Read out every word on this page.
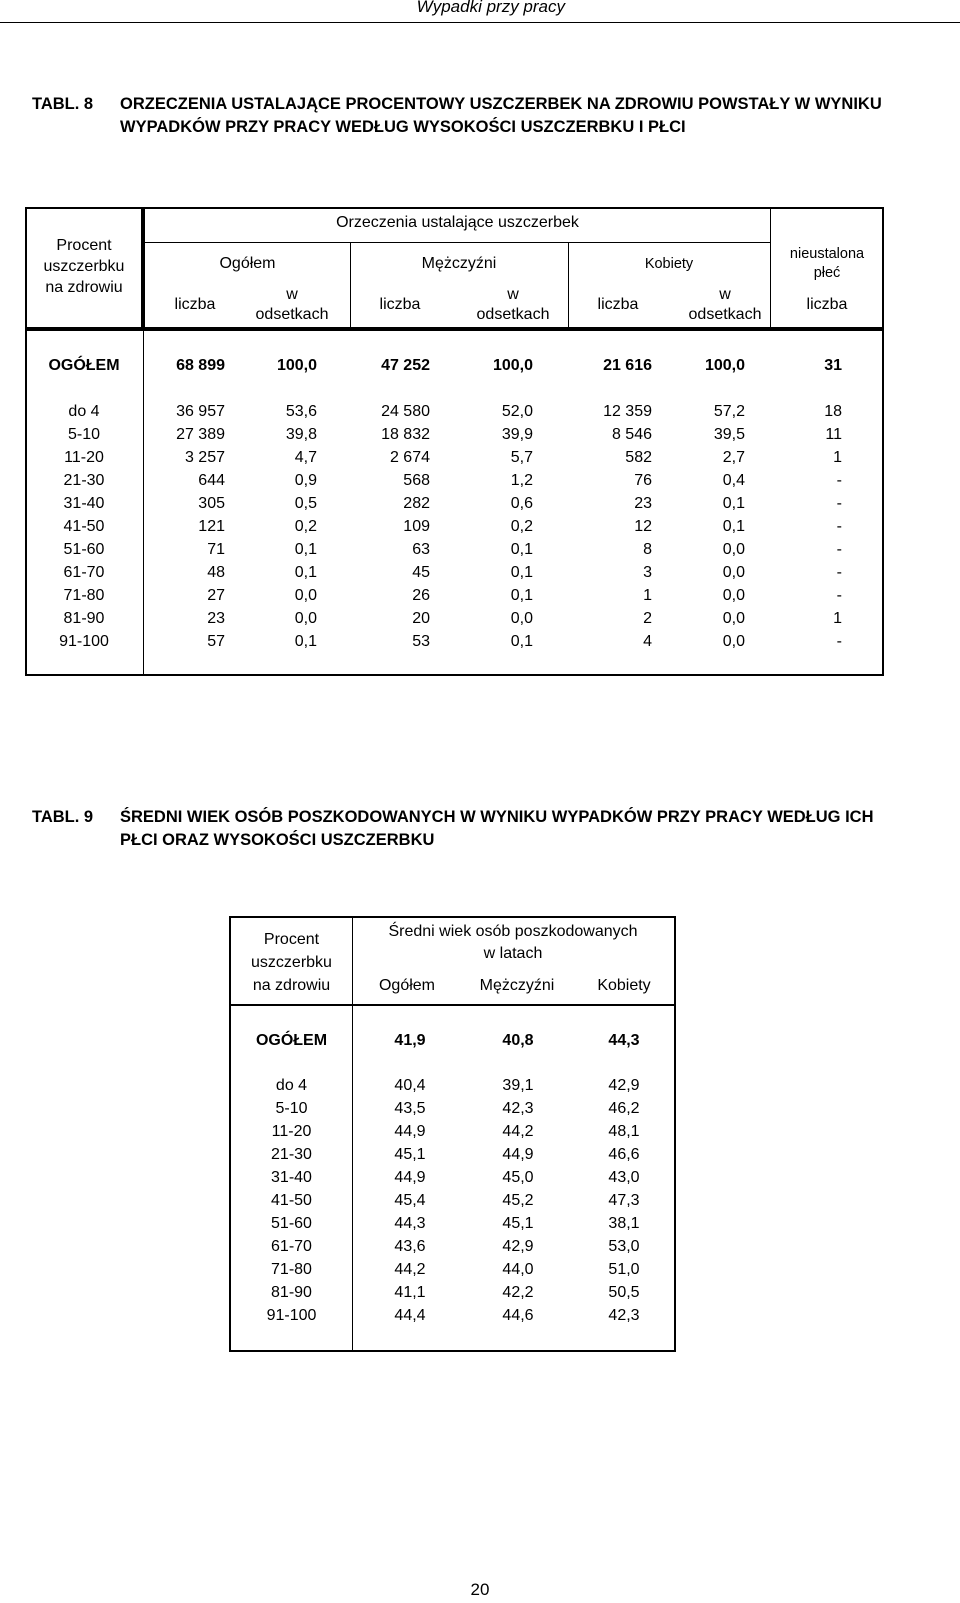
Wypadki przy pracy
TABL. 8 ORZECZENIA USTALAJĄCE PROCENTOWY USZCZERBEK NA ZDROWIU POWSTAŁY W WYNIKU WYPADKÓW PRZY PRACY WEDŁUG WYSOKOŚCI USZCZERBKU I PŁCI
Procent
uszczerbku
na zdrowiu
Orzeczenia ustalające uszczerbek
Ogółem	Mężczyźni	Kobiety
liczba
w
odsetkach
liczba
w
odsetkach
liczba
w
odsetkach
nieustalona
płeć
liczba
OGÓŁEM	68 899	100,0	47 252	100,0	21 616	100,0	31
do 4	36 957	53,6	24 580	52,0	12 359	57,2	18
5-10	27 389	39,8	18 832	39,9	8 546	39,5	11
11-20	3 257	4,7	2 674	5,7	582	2,7	1
21-30	644	0,9	568	1,2	76	0,4	-
31-40	305	0,5	282	0,6	23	0,1	-
41-50	121	0,2	109	0,2	12	0,1	-
51-60	71	0,1	63	0,1	8	0,0	-
61-70	48	0,1	45	0,1	3	0,0	-
71-80	27	0,0	26	0,1	1	0,0	-
81-90	23	0,0	20	0,0	2	0,0	1
91-100	57	0,1	53	0,1	4	0,0	-
TABL. 9 ŚREDNI WIEK OSÓB POSZKODOWANYCH W WYNIKU WYPADKÓW PRZY PRACY WEDŁUG ICH PŁCI ORAZ WYSOKOŚCI USZCZERBKU
Procent
uszczerbku
na zdrowiu
Średni wiek osób poszkodowanych
w latach
Ogółem	Mężczyźni	Kobiety
OGÓŁEM	41,9	40,8	44,3
do 4	40,4	39,1	42,9
5-10	43,5	42,3	46,2
11-20	44,9	44,2	48,1
21-30	45,1	44,9	46,6
31-40	44,9	45,0	43,0
41-50	45,4	45,2	47,3
51-60	44,3	45,1	38,1
61-70	43,6	42,9	53,0
71-80	44,2	44,0	51,0
81-90	41,1	42,2	50,5
91-100	44,4	44,6	42,3
20
